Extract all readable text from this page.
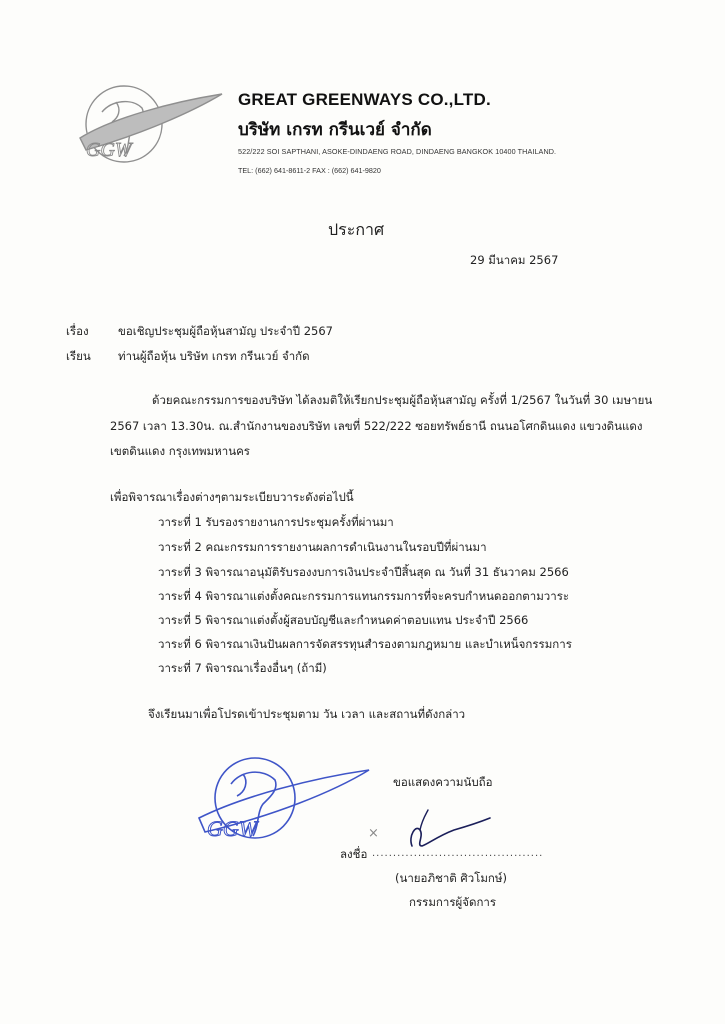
GGW
GREAT GREENWAYS CO.,LTD.
บริษัท เกรท กรีนเวย์ จำกัด
522/222 SOI SAPTHANI, ASOKE-DINDAENG ROAD, DINDAENG BANGKOK 10400 THAILAND.
TEL: (662) 641-8611-2 FAX : (662) 641-9820
ประกาศ
29 มีนาคม 2567
เรื่อง	ขอเชิญประชุมผู้ถือหุ้นสามัญ ประจำปี 2567
เรียน ท่านผู้ถือหุ้น บริษัท เกรท กรีนเวย์ จำกัด
ด้วยคณะกรรมการของบริษัท ได้ลงมติให้เรียกประชุมผู้ถือหุ้นสามัญ ครั้งที่ 1/2567 ในวันที่ 30 เมษายน
2567 เวลา 13.30น. ณ.สำนักงานของบริษัท เลขที่ 522/222 ซอยทรัพย์ธานี ถนนอโศกดินแดง แขวงดินแดง
เขตดินแดง กรุงเทพมหานคร
เพื่อพิจารณาเรื่องต่างๆตามระเบียบวาระดังต่อไปนี้
วาระที่ 1 รับรองรายงานการประชุมครั้งที่ผ่านมา
วาระที่ 2 คณะกรรมการรายงานผลการดำเนินงานในรอบปีที่ผ่านมา
วาระที่ 3 พิจารณาอนุมัติรับรองงบการเงินประจำปีสิ้นสุด ณ วันที่ 31 ธันวาคม 2566
วาระที่ 4 พิจารณาแต่งตั้งคณะกรรมการแทนกรรมการที่จะครบกำหนดออกตามวาระ
วาระที่ 5 พิจารณาแต่งตั้งผู้สอบบัญชีและกำหนดค่าตอบแทน ประจำปี 2566
วาระที่ 6 พิจารณาเงินปันผลการจัดสรรทุนสำรองตามกฎหมาย และบำเหน็จกรรมการ
วาระที่ 7 พิจารณาเรื่องอื่นๆ (ถ้ามี)
จึงเรียนมาเพื่อโปรดเข้าประชุมตาม วัน เวลา และสถานที่ดังกล่าว
GGW
ขอแสดงความนับถือ
×
ลงชื่อ .........................................
(นายอภิชาติ ศิวโมกษ์)
กรรมการผู้จัดการ
